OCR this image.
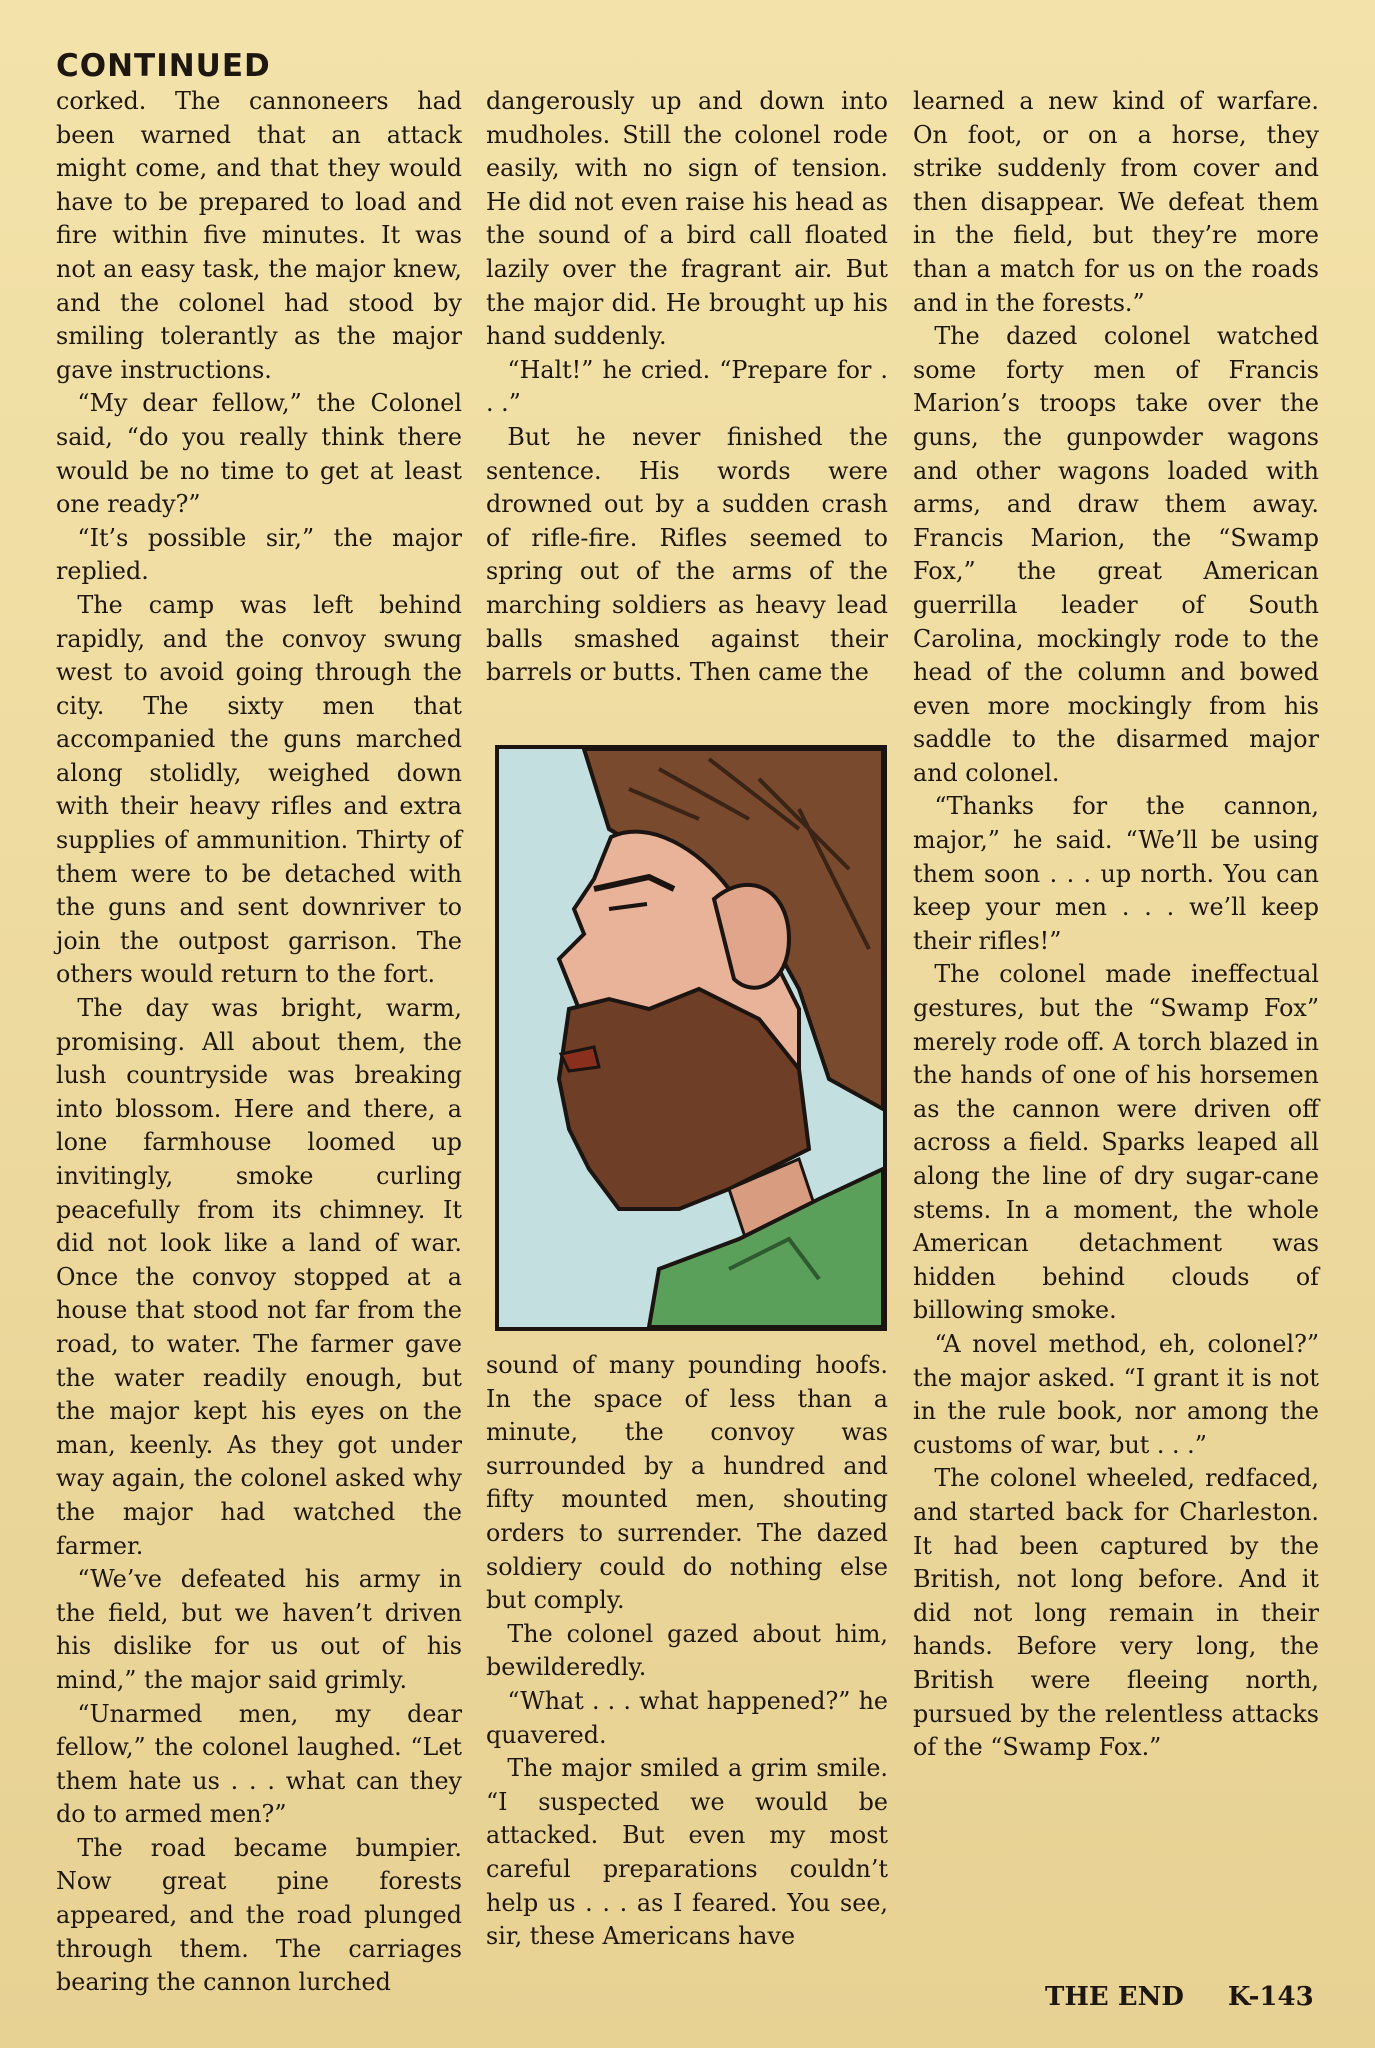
CONTINUED

corked. The cannoneers had been warned that an attack might come, and that they would have to be prepared to load and fire within five minutes. It was not an easy task, the major knew, and the colonel had stood by smiling tolerantly as the major gave instructions.

“My dear fellow,” the Colonel said, “do you really think there would be no time to get at least one ready?”

“It’s possible sir,” the major replied.

The camp was left behind rapidly, and the convoy swung west to avoid going through the city. The sixty men that accompanied the guns marched along stolidly, weighed down with their heavy rifles and extra supplies of ammunition. Thirty of them were to be detached with the guns and sent downriver to join the outpost garrison. The others would return to the fort.

The day was bright, warm, promising. All about them, the lush countryside was breaking into blossom. Here and there, a lone farmhouse loomed up invitingly, smoke curling peacefully from its chimney. It did not look like a land of war. Once the convoy stopped at a house that stood not far from the road, to water. The farmer gave the water readily enough, but the major kept his eyes on the man, keenly. As they got under way again, the colonel asked why the major had watched the farmer.

“We’ve defeated his army in the field, but we haven’t driven his dislike for us out of his mind,” the major said grimly.

“Unarmed men, my dear fellow,” the colonel laughed. “Let them hate us . . . what can they do to armed men?”

The road became bumpier. Now great pine forests appeared, and the road plunged through them. The carriages bearing the cannon lurched

dangerously up and down into mudholes. Still the colonel rode easily, with no sign of tension. He did not even raise his head as the sound of a bird call floated lazily over the fragrant air. But the major did. He brought up his hand suddenly.

“Halt!” he cried. “Prepare for . . .”

But he never finished the sentence. His words were drowned out by a sudden crash of rifle-fire. Rifles seemed to spring out of the arms of the marching soldiers as heavy lead balls smashed against their barrels or butts. Then came the

sound of many pounding hoofs. In the space of less than a minute, the convoy was surrounded by a hundred and fifty mounted men, shouting orders to surrender. The dazed soldiery could do nothing else but comply.

The colonel gazed about him, bewilderedly.

“What . . . what happened?” he quavered.

The major smiled a grim smile. “I suspected we would be attacked. But even my most careful preparations couldn’t help us . . . as I feared. You see, sir, these Americans have

learned a new kind of warfare. On foot, or on a horse, they strike suddenly from cover and then disappear. We defeat them in the field, but they’re more than a match for us on the roads and in the forests.”

The dazed colonel watched some forty men of Francis Marion’s troops take over the guns, the gunpowder wagons and other wagons loaded with arms, and draw them away. Francis Marion, the “Swamp Fox,” the great American guerrilla leader of South Carolina, mockingly rode to the head of the column and bowed even more mockingly from his saddle to the disarmed major and colonel.

“Thanks for the cannon, major,” he said. “We’ll be using them soon . . . up north. You can keep your men . . . we’ll keep their rifles!”

The colonel made ineffectual gestures, but the “Swamp Fox” merely rode off. A torch blazed in the hands of one of his horsemen as the cannon were driven off across a field. Sparks leaped all along the line of dry sugar-cane stems. In a moment, the whole American detachment was hidden behind clouds of billowing smoke.

“A novel method, eh, colonel?” the major asked. “I grant it is not in the rule book, nor among the customs of war, but . . .”

The colonel wheeled, redfaced, and started back for Charleston. It had been captured by the British, not long before. And it did not long remain in their hands. Before very long, the British were fleeing north, pursued by the relentless attacks of the “Swamp Fox.”

THE END K-143
